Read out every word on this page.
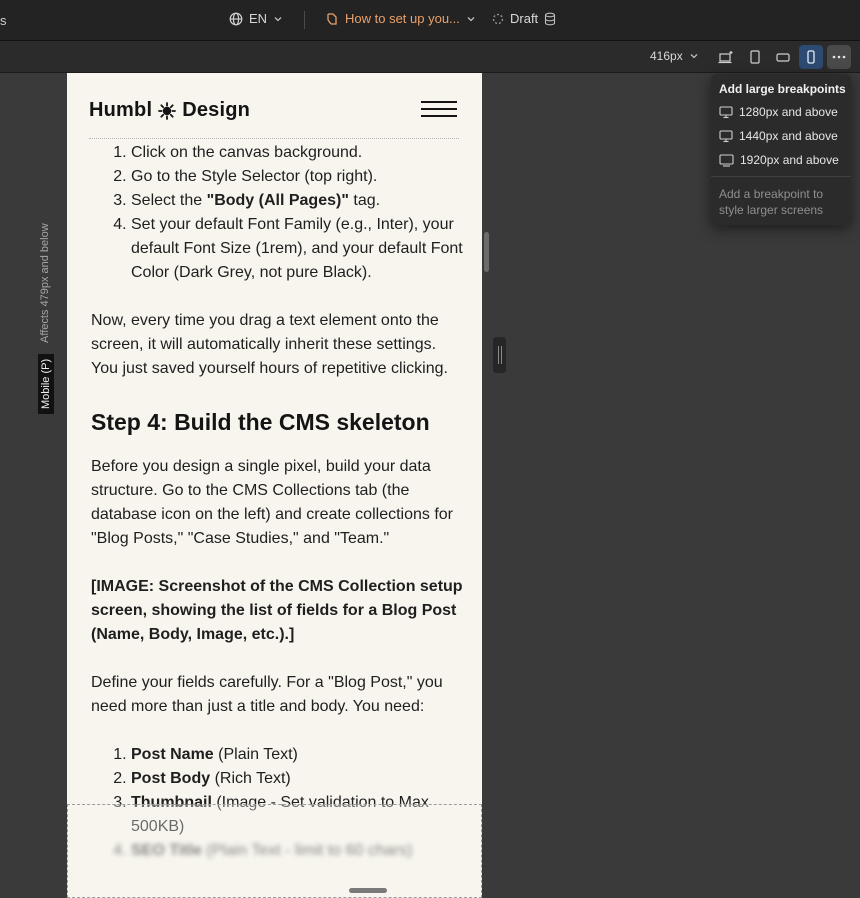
s	EN	How to set up you...	Draft
416px
Affects 479px and below
Mobile (P)
Humbl Design
1. Click on the canvas background.
2. Go to the Style Selector (top right).
3. Select the "Body (All Pages)" tag.
4. Set your default Font Family (e.g., Inter), your default Font Size (1rem), and your default Font Color (Dark Grey, not pure Black).

Now, every time you drag a text element onto the screen, it will automatically inherit these settings. You just saved yourself hours of repetitive clicking.

Step 4: Build the CMS skeleton

Before you design a single pixel, build your data structure. Go to the CMS Collections tab (the database icon on the left) and create collections for "Blog Posts," "Case Studies," and "Team."

[IMAGE: Screenshot of the CMS Collection setup screen, showing the list of fields for a Blog Post (Name, Body, Image, etc.).]

Define your fields carefully. For a "Blog Post," you need more than just a title and body. You need:

1. Post Name (Plain Text)
2. Post Body (Rich Text)
3. Thumbnail (Image - Set validation to Max 500KB)
4. SEO Title (Plain Text - limit to 60 chars)
Add large breakpoints
1280px and above
1440px and above
1920px and above
Add a breakpoint to style larger screens
